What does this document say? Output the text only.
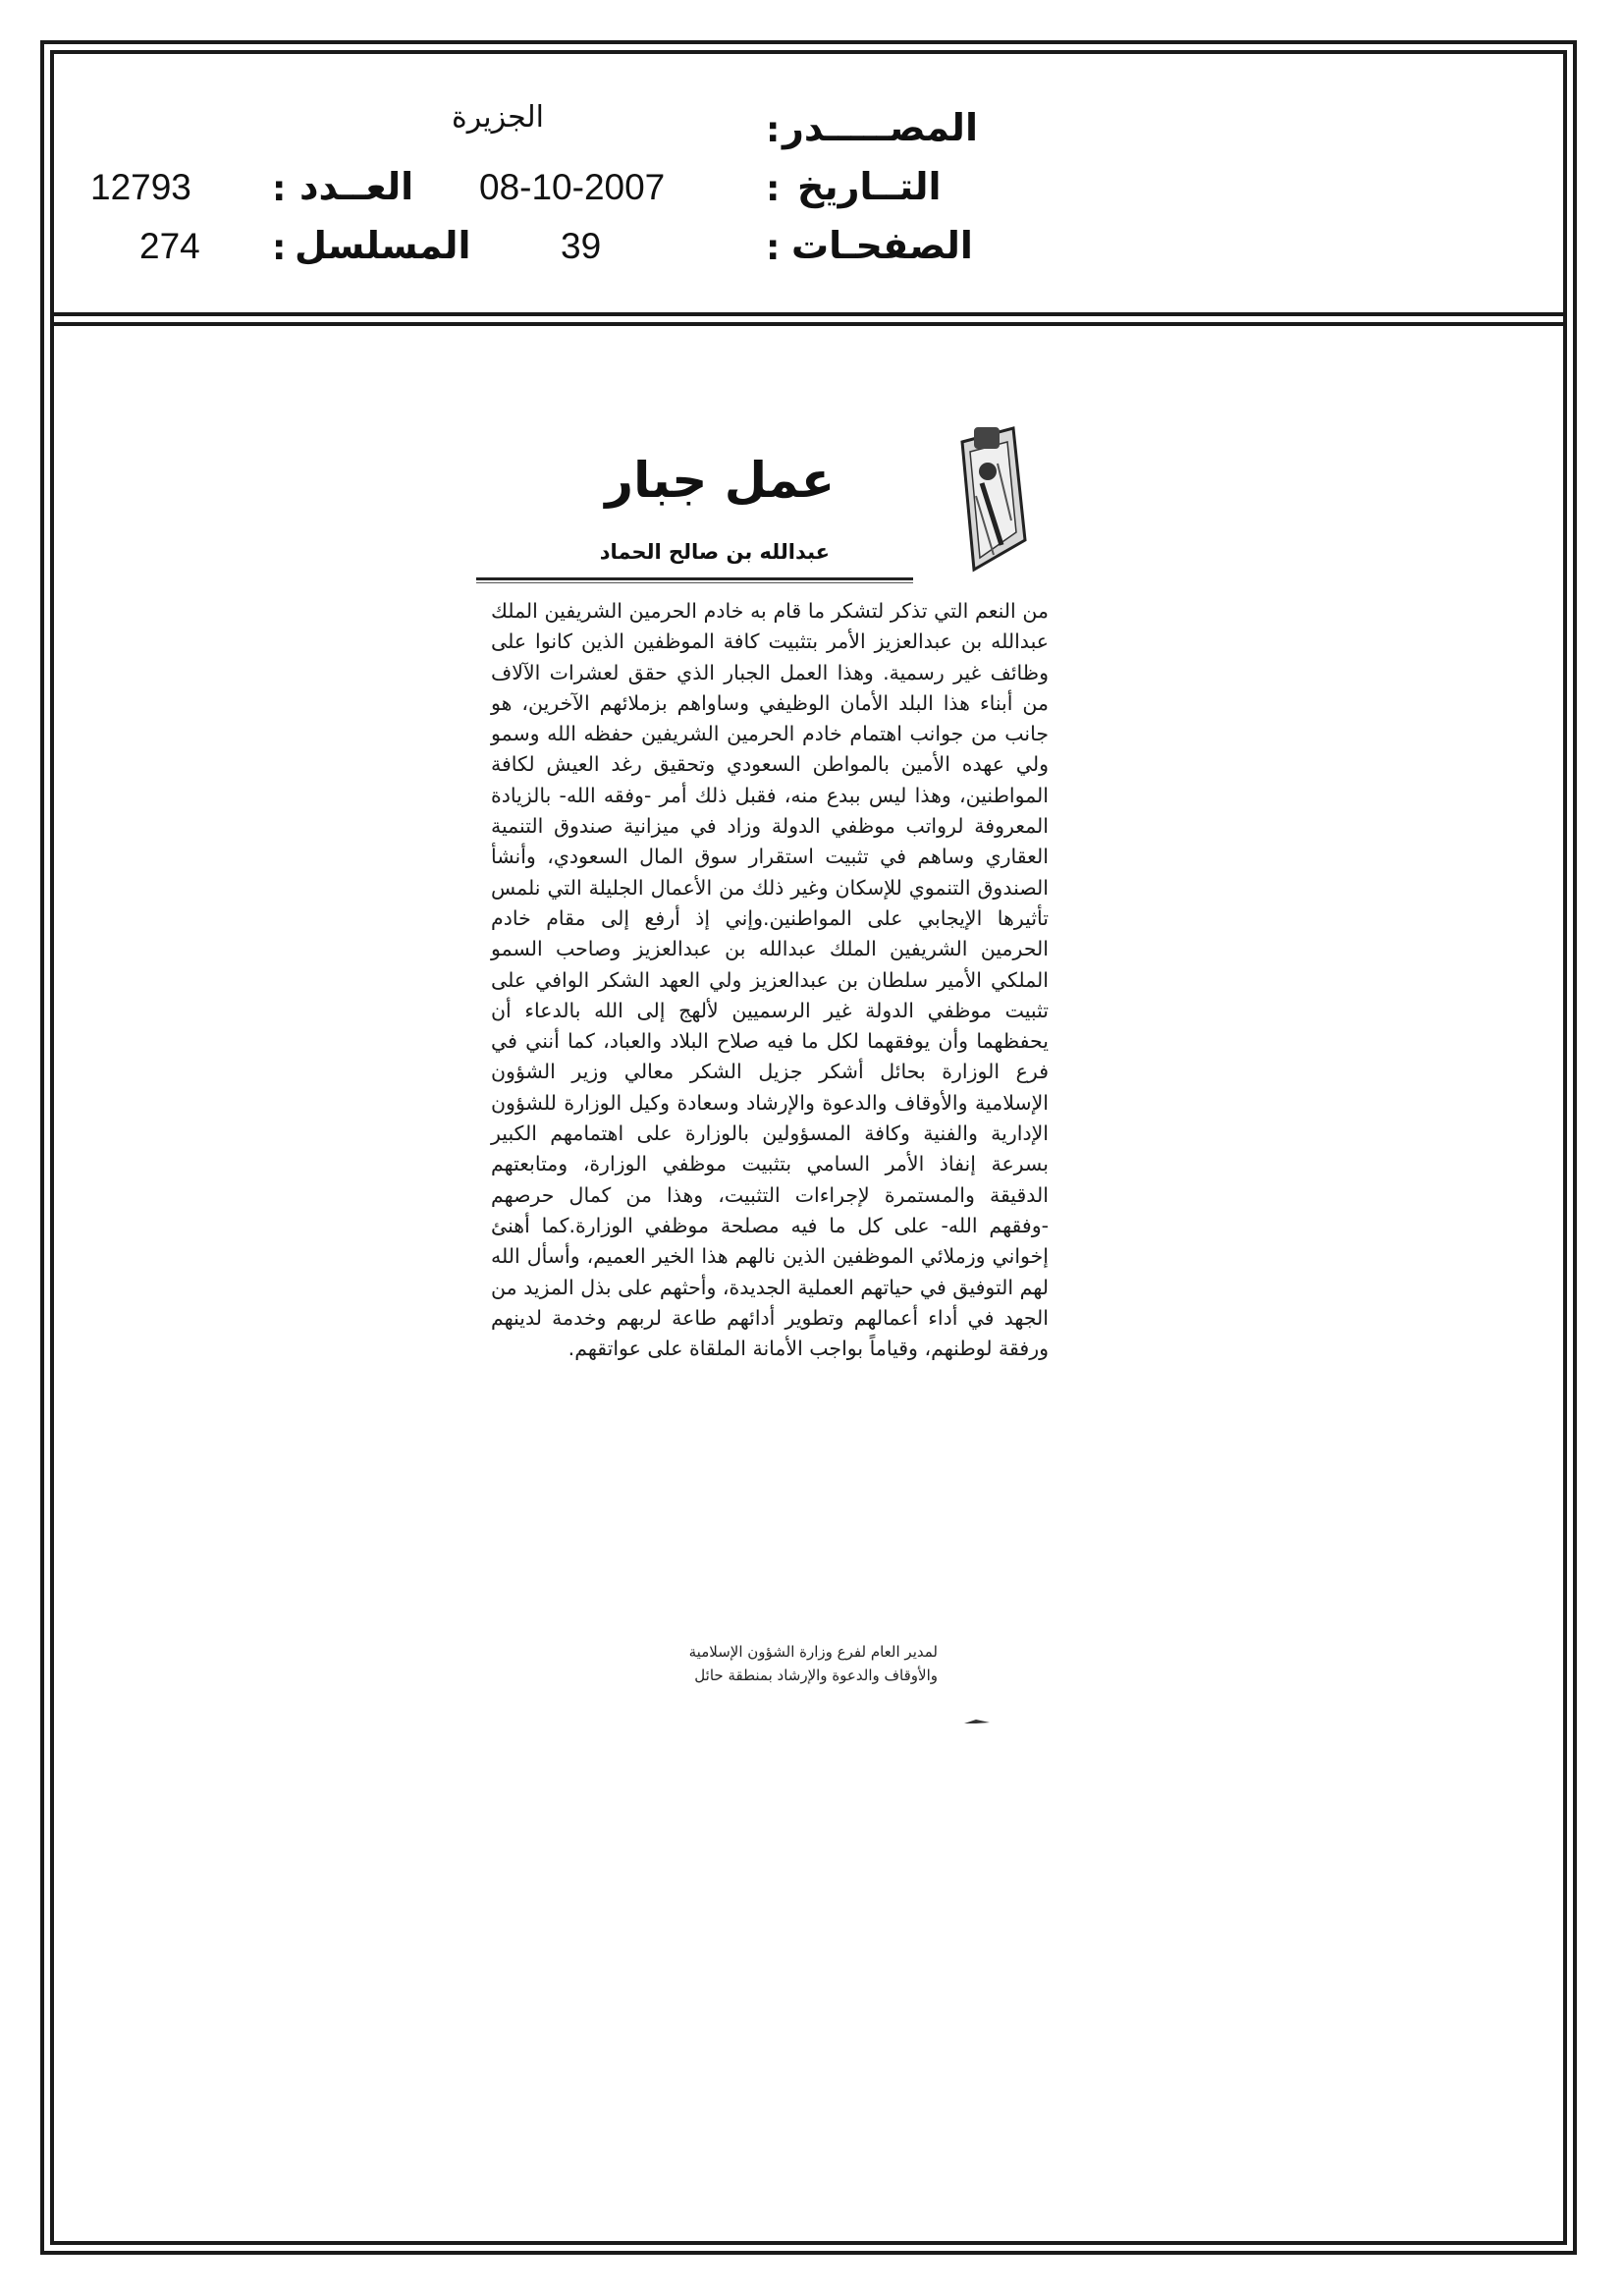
المصـــــدر
:
الجزيرة
التــاريخ
:
08-10-2007
الصفحـات
:
39
العــدد
:
12793
المسلسل
:
274
عمل جبار
عبدالله بن صالح الحماد
من النعم التي تذكر لتشكر ما قام به خادم الحرمين الشريفين الملك عبدالله بن عبدالعزيز الأمر بتثبيت كافة الموظفين الذين كانوا على وظائف غير رسمية. وهذا العمل الجبار الذي حقق لعشرات الآلاف من أبناء هذا البلد الأمان الوظيفي وساواهم بزملائهم الآخرين، هو جانب من جوانب اهتمام خادم الحرمين الشريفين حفظه الله وسمو ولي عهده الأمين بالمواطن السعودي وتحقيق رغد العيش لكافة المواطنين، وهذا ليس ببدع منه، فقبل ذلك أمر -وفقه الله- بالزيادة المعروفة لرواتب موظفي الدولة وزاد في ميزانية صندوق التنمية العقاري وساهم في تثبيت استقرار سوق المال السعودي، وأنشأ الصندوق التنموي للإسكان وغير ذلك من الأعمال الجليلة التي نلمس تأثيرها الإيجابي على المواطنين.وإني إذ أرفع إلى مقام خادم الحرمين الشريفين الملك عبدالله بن عبدالعزيز وصاحب السمو الملكي الأمير سلطان بن عبدالعزيز ولي العهد الشكر الوافي على تثبيت موظفي الدولة غير الرسميين لألهج إلى الله بالدعاء أن يحفظهما وأن يوفقهما لكل ما فيه صلاح البلاد والعباد، كما أنني في فرع الوزارة بحائل أشكر جزيل الشكر معالي وزير الشؤون الإسلامية والأوقاف والدعوة والإرشاد وسعادة وكيل الوزارة للشؤون الإدارية والفنية وكافة المسؤولين بالوزارة على اهتمامهم الكبير بسرعة إنفاذ الأمر السامي بتثبيت موظفي الوزارة، ومتابعتهم الدقيقة والمستمرة لإجراءات التثبيت، وهذا من كمال حرصهم -وفقهم الله- على كل ما فيه مصلحة موظفي الوزارة.كما أهنئ إخواني وزملائي الموظفين الذين نالهم هذا الخير العميم، وأسأل الله لهم التوفيق في حياتهم العملية الجديدة، وأحثهم على بذل المزيد من الجهد في أداء أعمالهم وتطوير أدائهم طاعة لربهم وخدمة لدينهم ورفقة لوطنهم، وقياماً بواجب الأمانة الملقاة على عواتقهم.
لمدير العام لفرع وزارة الشؤون الإسلامية
والأوقاف والدعوة والإرشاد بمنطقة حائل
